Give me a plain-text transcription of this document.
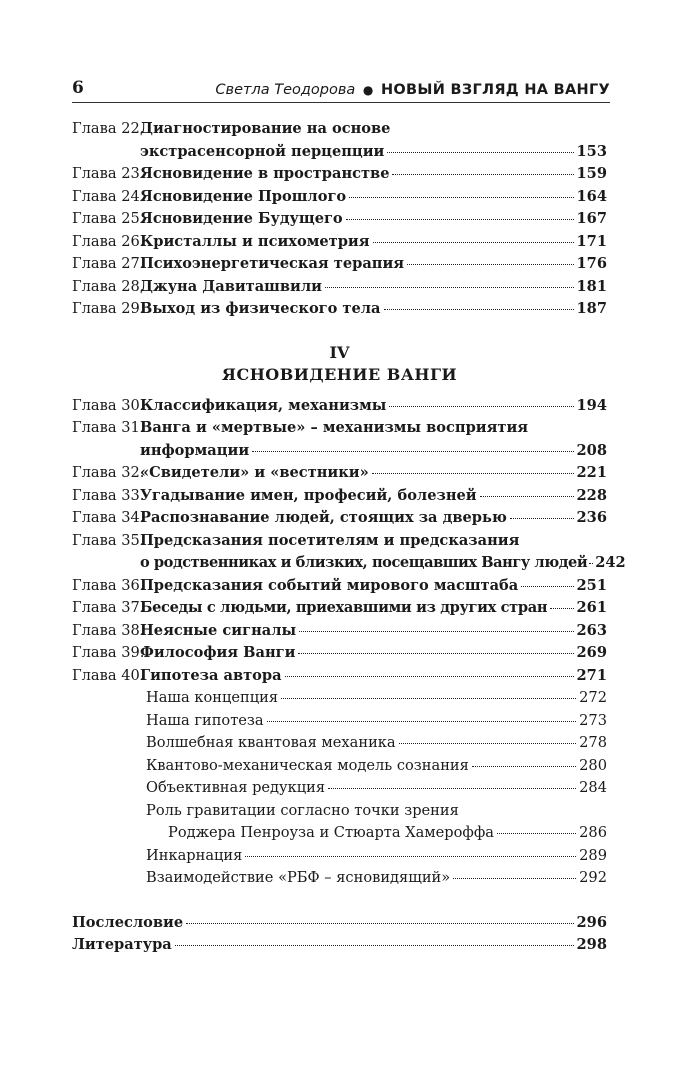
6	Светла Теодорова ● НОВЫЙ ВЗГЛЯД НА ВАНГУ
Глава 22.
Диагностирование на основе
экстрасенсорной перцепции	153
Глава 23.
Ясновидение в пространстве	159
Глава 24.
Ясновидение Прошлого	164
Глава 25.
Ясновидение Будущего	167
Глава 26.
Кристаллы и психометрия	171
Глава 27.
Психоэнергетическая терапия	176
Глава 28.
Джуна Давиташвили	181
Глава 29.
Выход из физического тела	187
IV
ЯСНОВИДЕНИЕ ВАНГИ
Глава 30.
Классификация, механизмы	194
Глава 31.
Ванга и «мертвые» – механизмы восприятия
информации	208
Глава 32.
«Свидетели» и «вестники»	221
Глава 33.
Угадывание имен, професий, болезней	228
Глава 34.
Распознавание людей, стоящих за дверью	236
Глава 35.
Предсказания посетителям и предсказания
о родственниках и близких, посещавших Вангу людей 242
Глава 36.
Предсказания событий мирового масштаба	251
Глава 37.
Беседы с людьми, приехавшими из других стран 261
Глава 38.
Неясные сигналы	263
Глава 39.
Философия Ванги	269
Глава 40.
Гипотеза автора	271
Наша концепция	272
Наша гипотеза	273
Волшебная квантовая механика	278
Квантово-механическая модель сознания	280
Объективная редукция	284
Роль гравитации согласно точки зрения
Роджера Пенроуза и Стюарта Хамероффа	286
Инкарнация	289
Взаимодействие «РБФ – ясновидящий»	292
Послесловие	296
Литература	298
